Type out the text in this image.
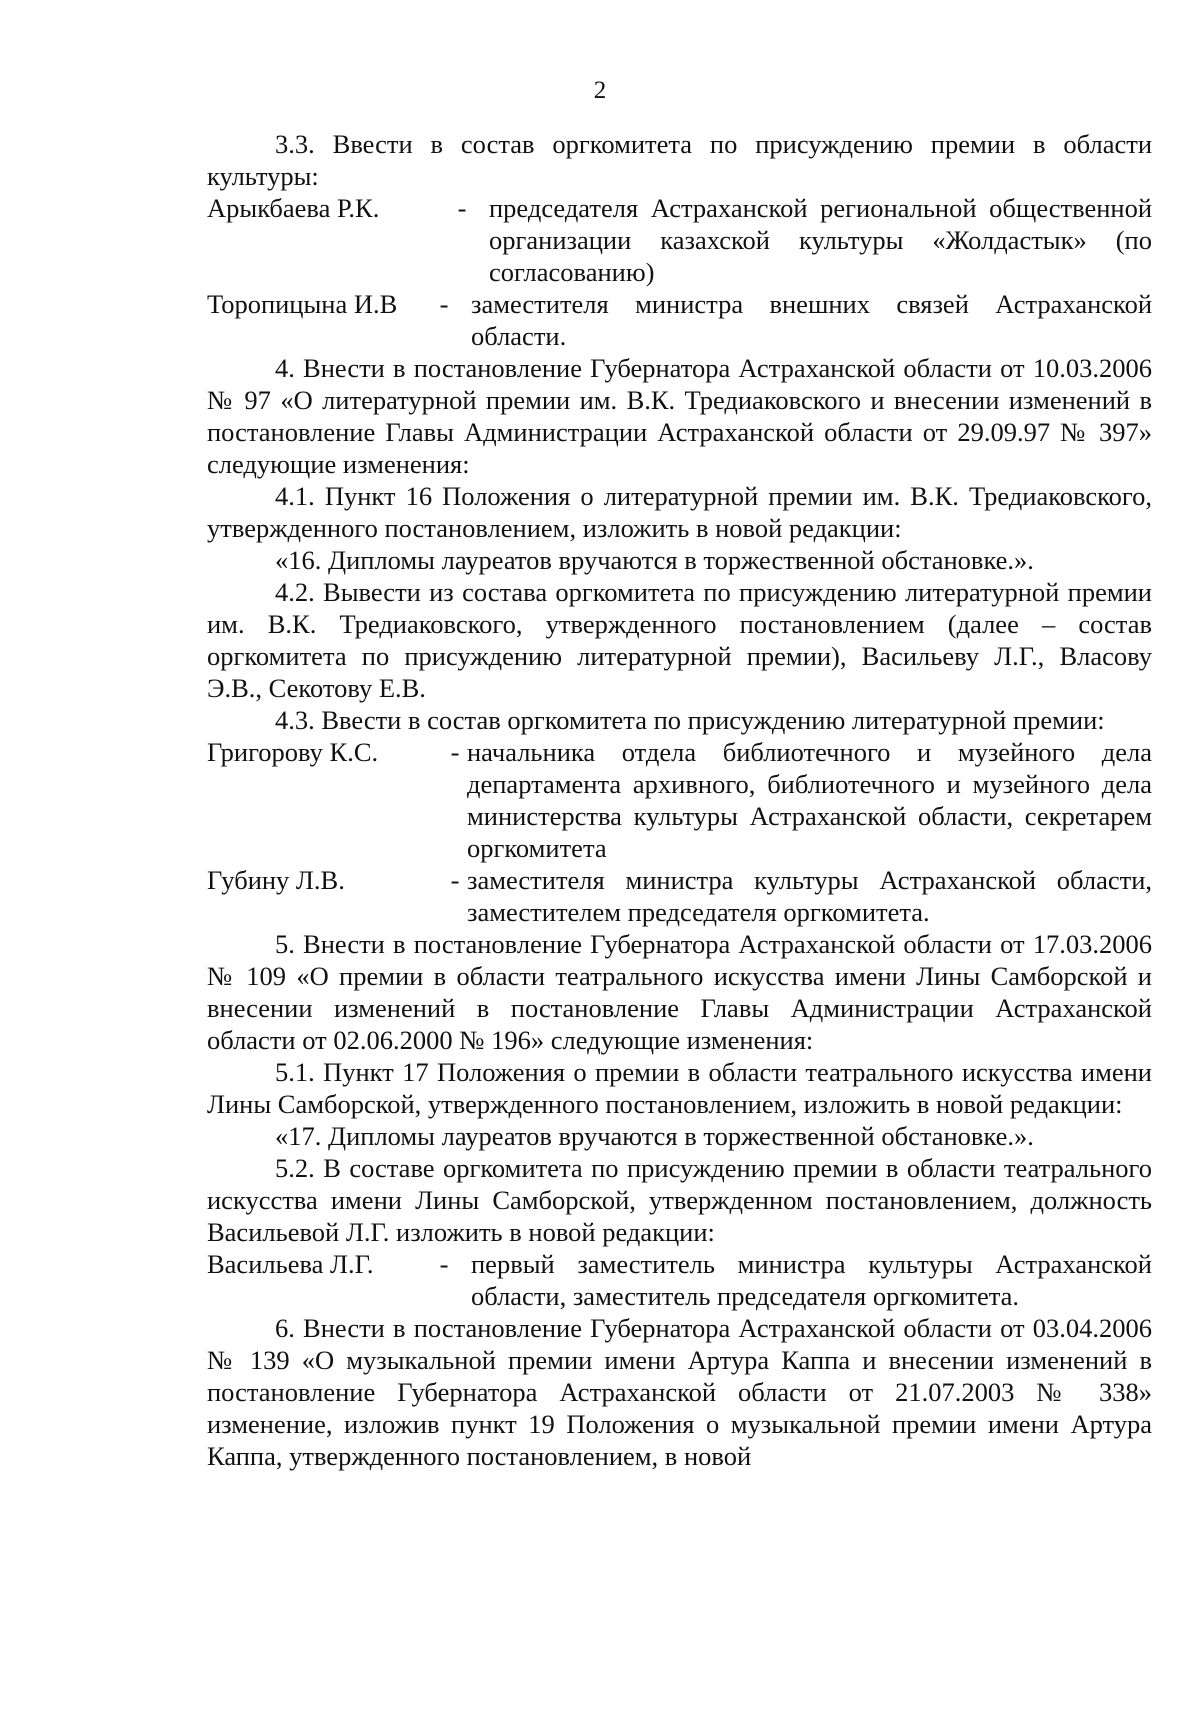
2

3.3. Ввести в состав оргкомитета по присуждению премии в области культуры:

Арыкбаева Р.К.	- председателя Астраханской региональной общественной организации казахской культуры «Жолдастык» (по согласованию)
Торопицына И.В	- заместителя министра внешних связей Астраханской области.

4. Внести в постановление Губернатора Астраханской области от 10.03.2006 № 97 «О литературной премии им. В.К. Тредиаковского и внесении изменений в постановление Главы Администрации Астраханской области от 29.09.97 № 397» следующие изменения:

4.1. Пункт 16 Положения о литературной премии им. В.К. Тредиаковского, утвержденного постановлением, изложить в новой редакции:

«16. Дипломы лауреатов вручаются в торжественной обстановке.».

4.2. Вывести из состава оргкомитета по присуждению литературной премии им. В.К. Тредиаковского, утвержденного постановлением (далее – состав оргкомитета по присуждению литературной премии), Васильеву Л.Г., Власову Э.В., Секотову Е.В.

4.3. Ввести в состав оргкомитета по присуждению литературной премии:

Григорову К.С.	- начальника отдела библиотечного и музейного дела департамента архивного, библиотечного и музейного дела министерства культуры Астраханской области, секретарем оргкомитета
Губину Л.В.	- заместителя министра культуры Астраханской области, заместителем председателя оргкомитета.

5. Внести в постановление Губернатора Астраханской области от 17.03.2006 № 109 «О премии в области театрального искусства имени Лины Самборской и внесении изменений в постановление Главы Администрации Астраханской области от 02.06.2000 № 196» следующие изменения:

5.1. Пункт 17 Положения о премии в области театрального искусства имени Лины Самборской, утвержденного постановлением, изложить в новой редакции:

«17. Дипломы лауреатов вручаются в торжественной обстановке.».

5.2. В составе оргкомитета по присуждению премии в области театрального искусства имени Лины Самборской, утвержденном постановлением, должность Васильевой Л.Г. изложить в новой редакции:

Васильева Л.Г.	- первый заместитель министра культуры Астраханской области, заместитель председателя оргкомитета.

6. Внести в постановление Губернатора Астраханской области от 03.04.2006 № 139 «О музыкальной премии имени Артура Каппа и внесении изменений в постановление Губернатора Астраханской области от 21.07.2003 № 338» изменение, изложив пункт 19 Положения о музыкальной премии имени Артура Каппа, утвержденного постановлением, в новой
